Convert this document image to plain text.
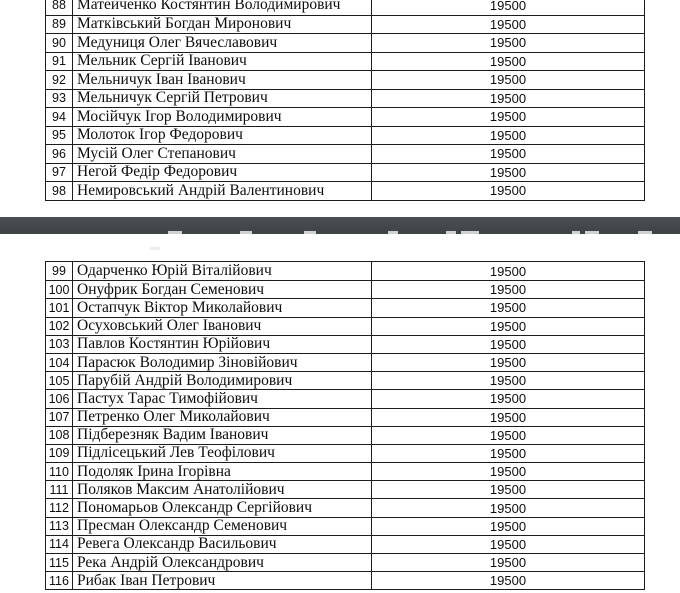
88 Матейченко Костянтин Володимирович	19500
89 Матківський Богдан Миронович	19500
90 Медуниця Олег Вячеславович	19500
91 Мельник Сергій Іванович	19500
92 Мельничук Іван Іванович	19500
93 Мельничук Сергій Петрович	19500
94 Мосійчук Ігор Володимирович	19500
95 Молоток Ігор Федорович	19500
96 Мусій Олег Степанович	19500
97 Негой Федір Федорович	19500
98 Немировський Андрій Валентинович	19500
99 Одарченко Юрій Віталійович	19500
100 Онуфрик Богдан Семенович	19500
101 Остапчук Віктор Миколайович	19500
102 Осуховський Олег Іванович	19500
103 Павлов Костянтин Юрійович	19500
104 Парасюк Володимир Зіновійович	19500
105 Парубій Андрій Володимирович	19500
106 Пастух Тарас Тимофійович	19500
107 Петренко Олег Миколайович	19500
108 Підберезняк Вадим Іванович	19500
109 Підлісецький Лев Теофілович	19500
110 Подоляк Ірина Ігорівна	19500
111 Поляков Максим Анатолійович	19500
112 Пономарьов Олександр Сергійович	19500
113 Пресман Олександр Семенович	19500
114 Ревега Олександр Васильович	19500
115 Река Андрій Олександрович	19500
116 Рибак Іван Петрович	19500
